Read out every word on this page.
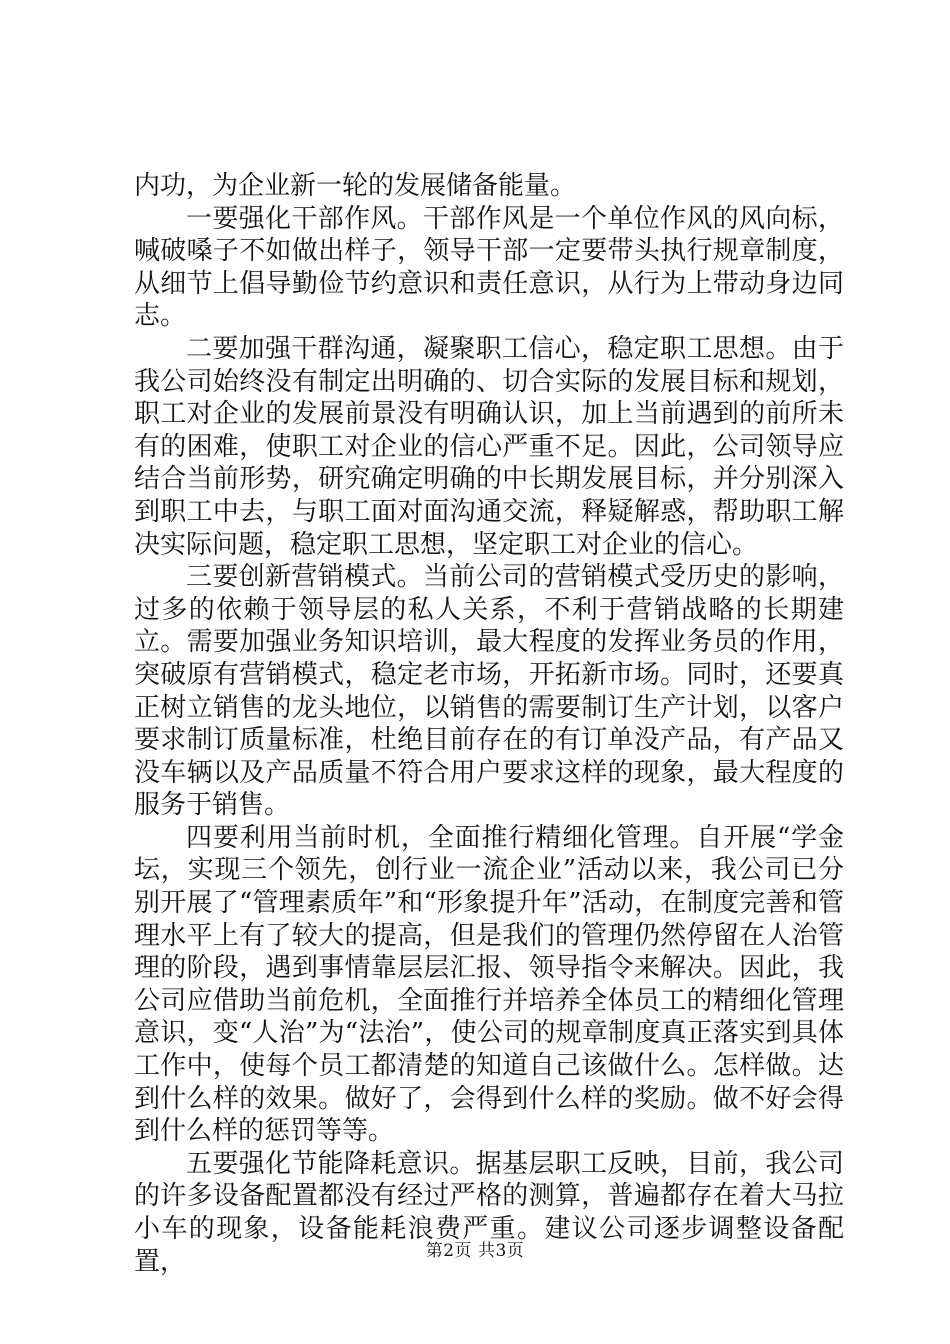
内功，为企业新一轮的发展储备能量。

一要强化干部作风。干部作风是一个单位作风的风向标，喊破嗓子不如做出样子，领导干部一定要带头执行规章制度，从细节上倡导勤俭节约意识和责任意识，从行为上带动身边同志。

二要加强干群沟通，凝聚职工信心，稳定职工思想。由于我公司始终没有制定出明确的、切合实际的发展目标和规划，职工对企业的发展前景没有明确认识，加上当前遇到的前所未有的困难，使职工对企业的信心严重不足。因此，公司领导应结合当前形势，研究确定明确的中长期发展目标，并分别深入到职工中去，与职工面对面沟通交流，释疑解惑，帮助职工解决实际问题，稳定职工思想，坚定职工对企业的信心。

三要创新营销模式。当前公司的营销模式受历史的影响，过多的依赖于领导层的私人关系，不利于营销战略的长期建立。需要加强业务知识培训，最大程度的发挥业务员的作用，突破原有营销模式，稳定老市场，开拓新市场。同时，还要真正树立销售的龙头地位，以销售的需要制订生产计划，以客户要求制订质量标准，杜绝目前存在的有订单没产品，有产品又没车辆以及产品质量不符合用户要求这样的现象，最大程度的服务于销售。

四要利用当前时机，全面推行精细化管理。自开展“学金坛，实现三个领先，创行业一流企业”活动以来，我公司已分别开展了“管理素质年”和“形象提升年”活动，在制度完善和管理水平上有了较大的提高，但是我们的管理仍然停留在人治管理的阶段，遇到事情靠层层汇报、领导指令来解决。因此，我公司应借助当前危机，全面推行并培养全体员工的精细化管理意识，变“人治”为“法治”，使公司的规章制度真正落实到具体工作中，使每个员工都清楚的知道自己该做什么。怎样做。达到什么样的效果。做好了，会得到什么样的奖励。做不好会得到什么样的惩罚等等。

五要强化节能降耗意识。据基层职工反映，目前，我公司的许多设备配置都没有经过严格的测算，普遍都存在着大马拉小车的现象，设备能耗浪费严重。建议公司逐步调整设备配置，	第2页 共3页
